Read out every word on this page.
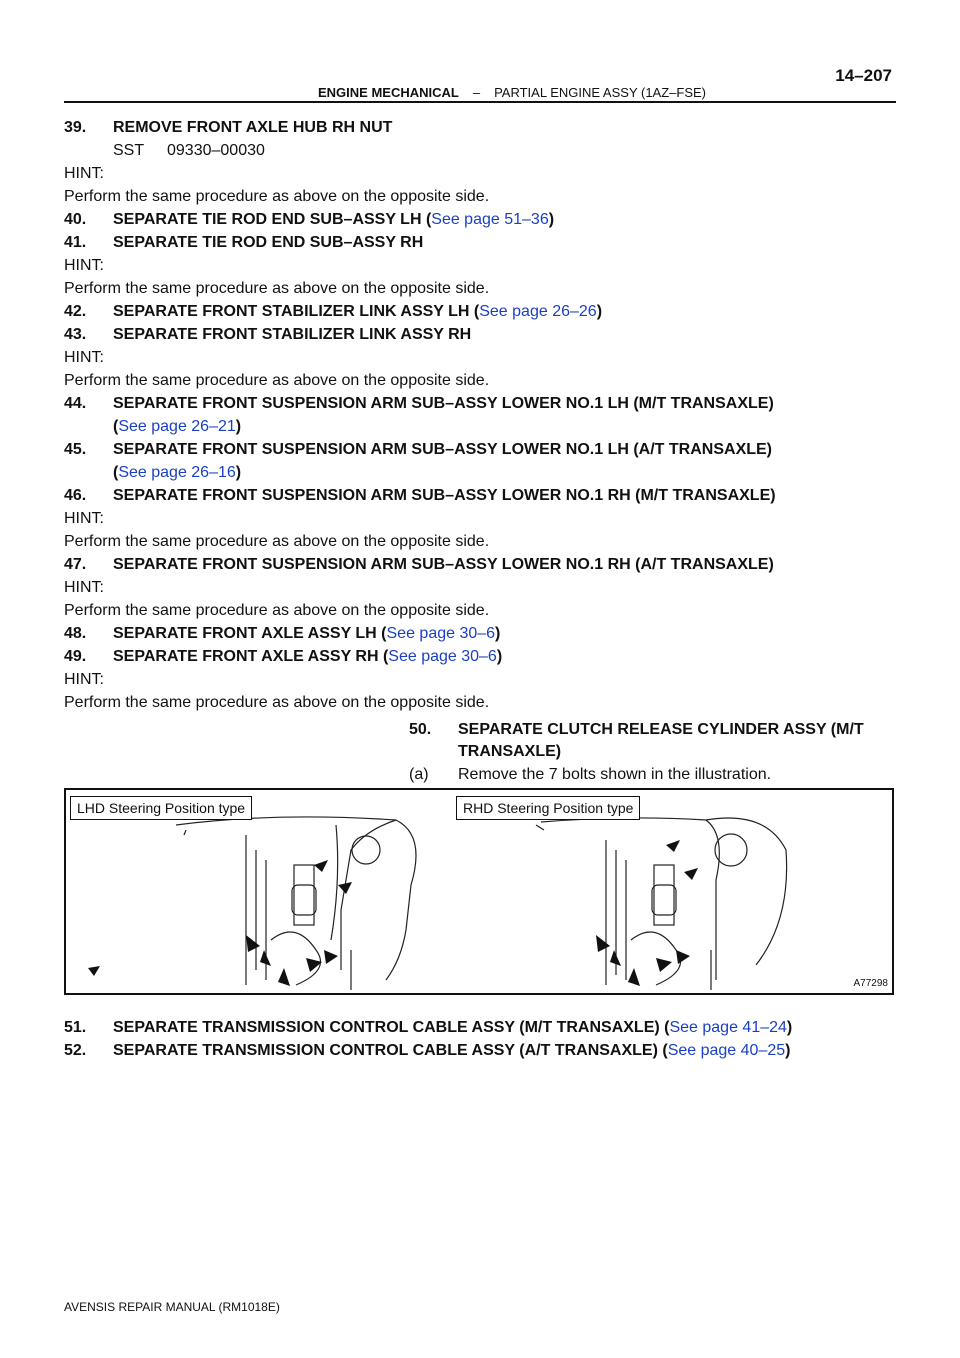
14–207
ENGINE MECHANICAL – PARTIAL ENGINE ASSY (1AZ–FSE)
39. REMOVE FRONT AXLE HUB RH NUT
SST 09330–00030
HINT:
Perform the same procedure as above on the opposite side.
40. SEPARATE TIE ROD END SUB–ASSY LH (See page 51–36)
41. SEPARATE TIE ROD END SUB–ASSY RH
HINT:
Perform the same procedure as above on the opposite side.
42. SEPARATE FRONT STABILIZER LINK ASSY LH (See page 26–26)
43. SEPARATE FRONT STABILIZER LINK ASSY RH
HINT:
Perform the same procedure as above on the opposite side.
44. SEPARATE FRONT SUSPENSION ARM SUB–ASSY LOWER NO.1 LH (M/T TRANSAXLE)
(See page 26–21)
45. SEPARATE FRONT SUSPENSION ARM SUB–ASSY LOWER NO.1 LH (A/T TRANSAXLE)
(See page 26–16)
46. SEPARATE FRONT SUSPENSION ARM SUB–ASSY LOWER NO.1 RH (M/T TRANSAXLE)
HINT:
Perform the same procedure as above on the opposite side.
47. SEPARATE FRONT SUSPENSION ARM SUB–ASSY LOWER NO.1 RH (A/T TRANSAXLE)
HINT:
Perform the same procedure as above on the opposite side.
48. SEPARATE FRONT AXLE ASSY LH (See page 30–6)
49. SEPARATE FRONT AXLE ASSY RH (See page 30–6)
HINT:
Perform the same procedure as above on the opposite side.
50. SEPARATE CLUTCH RELEASE CYLINDER ASSY (M/T
TRANSAXLE)
(a) Remove the 7 bolts shown in the illustration.
LHD Steering Position type	RHD Steering Position type
A77298
51. SEPARATE TRANSMISSION CONTROL CABLE ASSY (M/T TRANSAXLE) (See page 41–24)
52. SEPARATE TRANSMISSION CONTROL CABLE ASSY (A/T TRANSAXLE) (See page 40–25)
AVENSIS REPAIR MANUAL (RM1018E)
